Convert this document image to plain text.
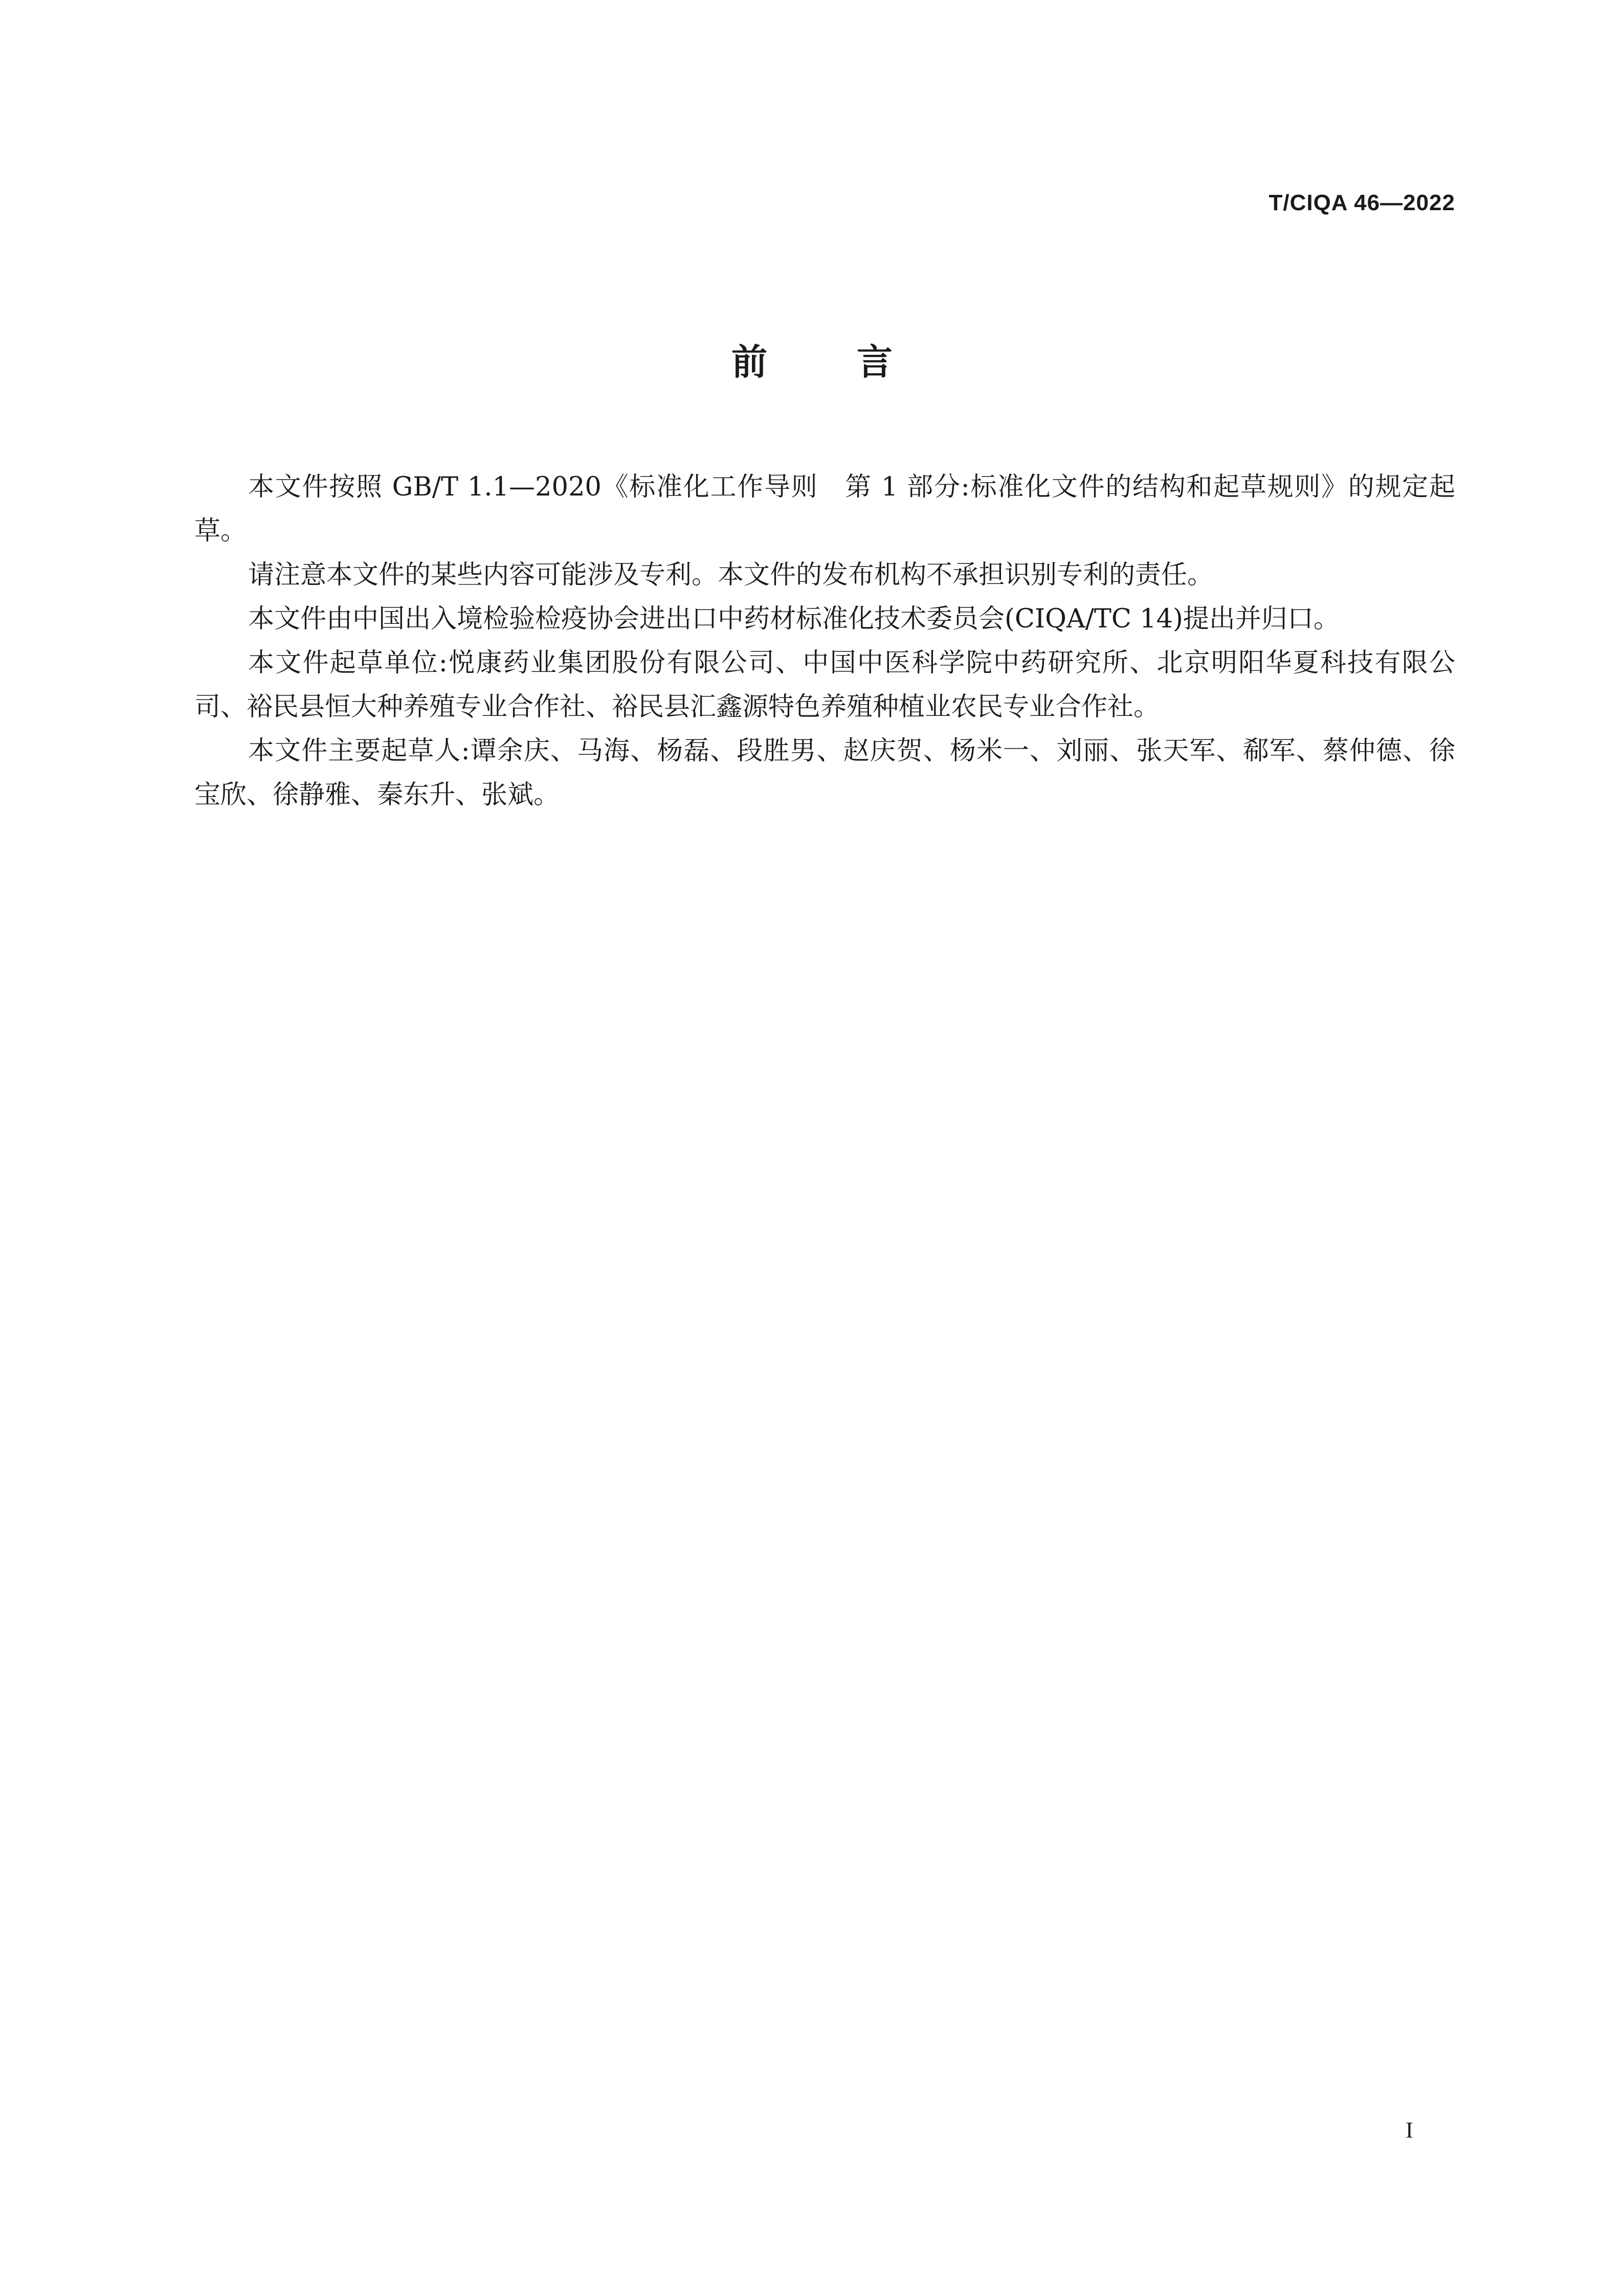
T/CIQA 46—2022
前	言

本文件按照 GB/T 1.1—2020《标准化工作导则　第 1 部分:标准化文件的结构和起草规则》的规定起草。

请注意本文件的某些内容可能涉及专利。本文件的发布机构不承担识别专利的责任。

本文件由中国出入境检验检疫协会进出口中药材标准化技术委员会(CIQA/TC 14)提出并归口。

本文件起草单位:悦康药业集团股份有限公司、中国中医科学院中药研究所、北京明阳华夏科技有限公司、裕民县恒大种养殖专业合作社、裕民县汇鑫源特色养殖种植业农民专业合作社。

本文件主要起草人:谭余庆、马海、杨磊、段胜男、赵庆贺、杨米一、刘丽、张天军、郗军、蔡仲德、徐宝欣、徐静雅、秦东升、张斌。

I
